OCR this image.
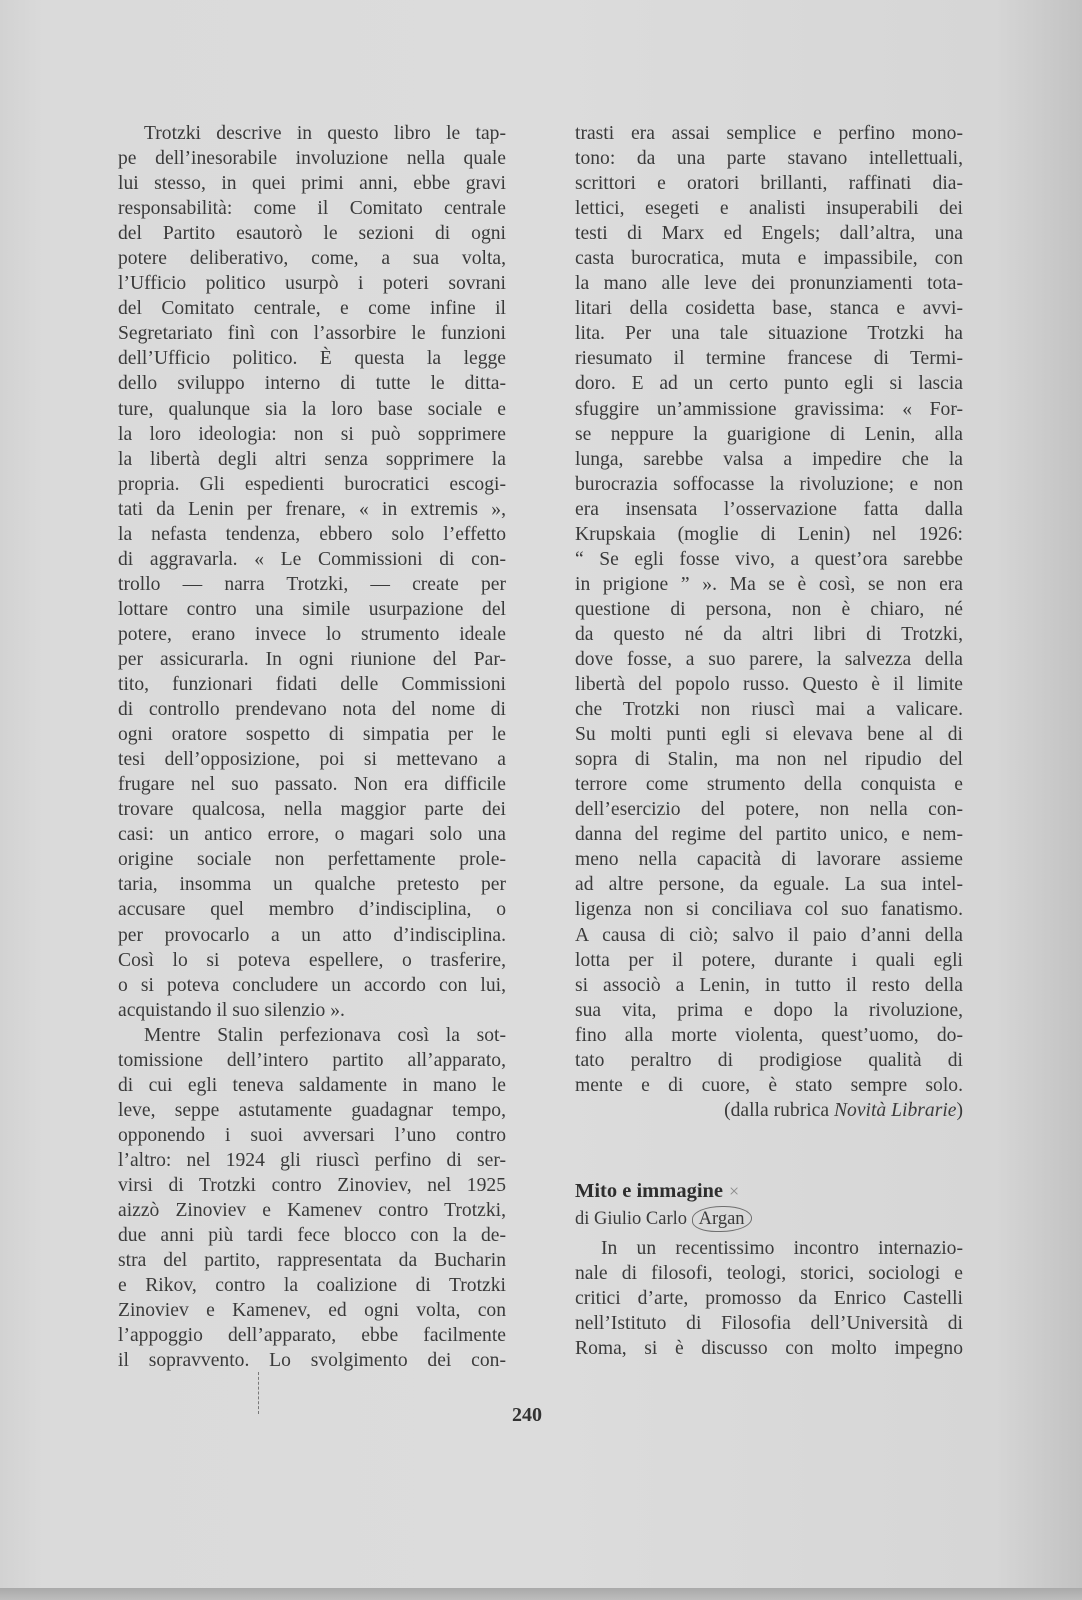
Trotzki descrive in questo libro le tap-
pe dell’inesorabile involuzione nella quale
lui stesso, in quei primi anni, ebbe gravi
responsabilità: come il Comitato centrale
del Partito esautorò le sezioni di ogni
potere deliberativo, come, a sua volta,
l’Ufficio politico usurpò i poteri sovrani
del Comitato centrale, e come infine il
Segretariato finì con l’assorbire le funzioni
dell’Ufficio politico. È questa la legge
dello sviluppo interno di tutte le ditta-
ture, qualunque sia la loro base sociale e
la loro ideologia: non si può sopprimere
la libertà degli altri senza sopprimere la
propria. Gli espedienti burocratici escogi-
tati da Lenin per frenare, « in extremis »,
la nefasta tendenza, ebbero solo l’effetto
di aggravarla. « Le Commissioni di con-
trollo — narra Trotzki, — create per
lottare contro una simile usurpazione del
potere, erano invece lo strumento ideale
per assicurarla. In ogni riunione del Par-
tito, funzionari fidati delle Commissioni
di controllo prendevano nota del nome di
ogni oratore sospetto di simpatia per le
tesi dell’opposizione, poi si mettevano a
frugare nel suo passato. Non era difficile
trovare qualcosa, nella maggior parte dei
casi: un antico errore, o magari solo una
origine sociale non perfettamente prole-
taria, insomma un qualche pretesto per
accusare quel membro d’indisciplina, o
per provocarlo a un atto d’indisciplina.
Così lo si poteva espellere, o trasferire,
o si poteva concludere un accordo con lui,
acquistando il suo silenzio ».
Mentre Stalin perfezionava così la sot-
tomissione dell’intero partito all’apparato,
di cui egli teneva saldamente in mano le
leve, seppe astutamente guadagnar tempo,
opponendo i suoi avversari l’uno contro
l’altro: nel 1924 gli riuscì perfino di ser-
virsi di Trotzki contro Zinoviev, nel 1925
aizzò Zinoviev e Kamenev contro Trotzki,
due anni più tardi fece blocco con la de-
stra del partito, rappresentata da Bucharin
e Rikov, contro la coalizione di Trotzki
Zinoviev e Kamenev, ed ogni volta, con
l’appoggio dell’apparato, ebbe facilmente
il sopravvento. Lo svolgimento dei con-
trasti era assai semplice e perfino mono-
tono: da una parte stavano intellettuali,
scrittori e oratori brillanti, raffinati dia-
lettici, esegeti e analisti insuperabili dei
testi di Marx ed Engels; dall’altra, una
casta burocratica, muta e impassibile, con
la mano alle leve dei pronunziamenti tota-
litari della cosidetta base, stanca e avvi-
lita. Per una tale situazione Trotzki ha
riesumato il termine francese di Termi-
doro. E ad un certo punto egli si lascia
sfuggire un’ammissione gravissima: « For-
se neppure la guarigione di Lenin, alla
lunga, sarebbe valsa a impedire che la
burocrazia soffocasse la rivoluzione; e non
era insensata l’osservazione fatta dalla
Krupskaia (moglie di Lenin) nel 1926:
“ Se egli fosse vivo, a quest’ora sarebbe
in prigione ” ». Ma se è così, se non era
questione di persona, non è chiaro, né
da questo né da altri libri di Trotzki,
dove fosse, a suo parere, la salvezza della
libertà del popolo russo. Questo è il limite
che Trotzki non riuscì mai a valicare.
Su molti punti egli si elevava bene al di
sopra di Stalin, ma non nel ripudio del
terrore come strumento della conquista e
dell’esercizio del potere, non nella con-
danna del regime del partito unico, e nem-
meno nella capacità di lavorare assieme
ad altre persone, da eguale. La sua intel-
ligenza non si conciliava col suo fanatismo.
A causa di ciò; salvo il paio d’anni della
lotta per il potere, durante i quali egli
si associò a Lenin, in tutto il resto della
sua vita, prima e dopo la rivoluzione,
fino alla morte violenta, quest’uomo, do-
tato peraltro di prodigiose qualità di
mente e di cuore, è stato sempre solo.
(dalla rubrica Novità Librarie)
Mito e immagine ×
di Giulio Carlo Argan
In un recentissimo incontro internazio-
nale di filosofi, teologi, storici, sociologi e
critici d’arte, promosso da Enrico Castelli
nell’Istituto di Filosofia dell’Università di
Roma, si è discusso con molto impegno
240
